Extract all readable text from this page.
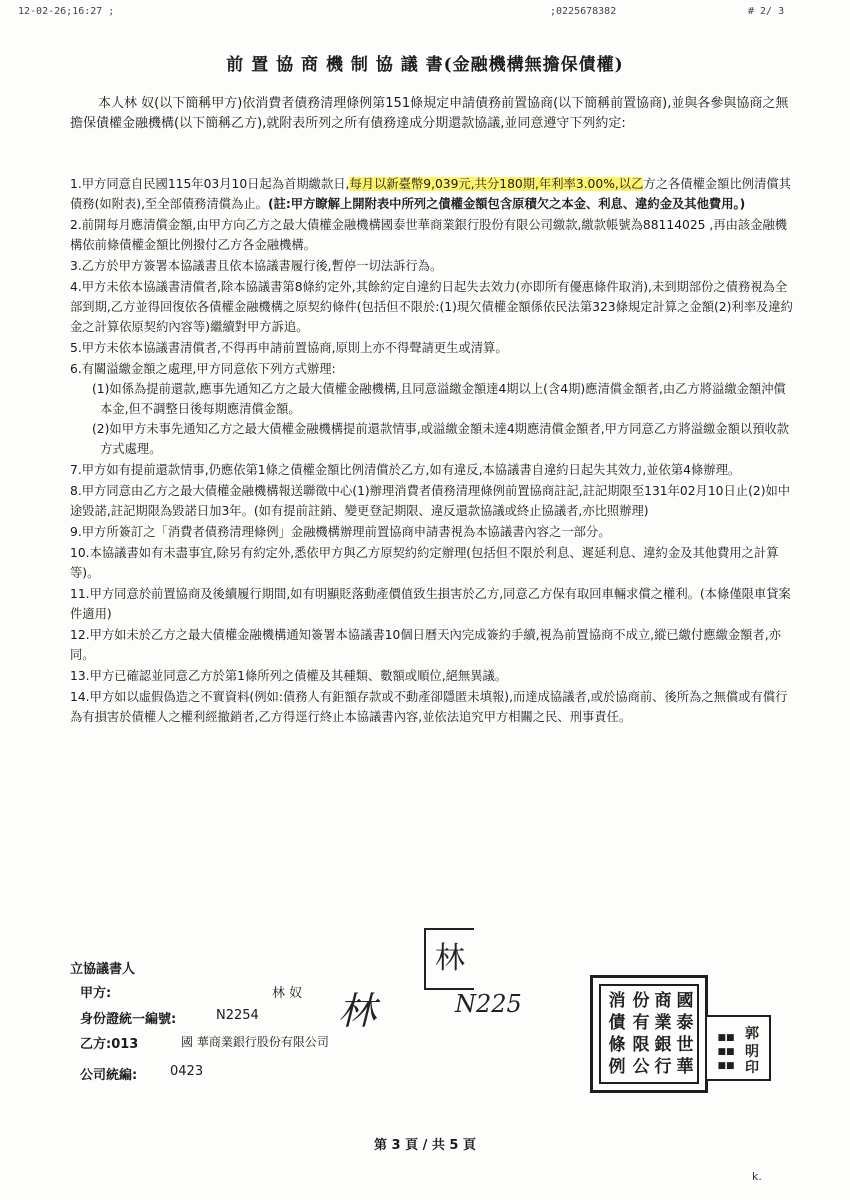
12-02-26;16:27 ;	;0225678382	# 2/ 3
前 置 協 商 機 制 協 議 書(金融機構無擔保債權)
本人林 奴(以下簡稱甲方)依消費者債務清理條例第151條規定申請債務前置協商(以下簡稱前置協商),並與各參與協商之無擔保債權金融機構(以下簡稱乙方),就附表所列之所有債務達成分期還款協議,並同意遵守下列約定:
1.甲方同意自民國115年03月10日起為首期繳款日,每月以新臺幣9,039元,共分180期,年利率3.00%,以乙方之各債權金額比例清償其債務(如附表),至全部債務清償為止。(註:甲方瞭解上開附表中所列之債權金額包含原積欠之本金、利息、違約金及其他費用。)
2.前開每月應清償金額,由甲方向乙方之最大債權金融機構國泰世華商業銀行股份有限公司繳款,繳款帳號為88114025 ,再由該金融機構依前條債權金額比例撥付乙方各金融機構。
3.乙方於甲方簽署本協議書且依本協議書履行後,暫停一切法訴行為。
4.甲方未依本協議書清償者,除本協議書第8條約定外,其餘約定自違約日起失去效力(亦即所有優惠條件取消),未到期部份之債務視為全部到期,乙方並得回復依各債權金融機構之原契約條件(包括但不限於:(1)現欠債權金額係依民法第323條規定計算之金額(2)利率及違約金之計算依原契約內容等)繼續對甲方訴追。
5.甲方未依本協議書清償者,不得再申請前置協商,原則上亦不得聲請更生或清算。
6.有關溢繳金額之處理,甲方同意依下列方式辦理:
(1)如係為提前還款,應事先通知乙方之最大債權金融機構,且同意溢繳金額達4期以上(含4期)應清償金額者,由乙方將溢繳金額沖償本金,但不調整日後每期應清償金額。
(2)如甲方未事先通知乙方之最大債權金融機構提前還款情事,或溢繳金額未達4期應清償金額者,甲方同意乙方將溢繳金額以預收款方式處理。
7.甲方如有提前還款情事,仍應依第1條之債權金額比例清償於乙方,如有違反,本協議書自違約日起失其效力,並依第4條辦理。
8.甲方同意由乙方之最大債權金融機構報送聯徵中心(1)辦理消費者債務清理條例前置協商註記,註記期限至131年02月10日止(2)如中途毀諾,註記期限為毀諾日加3年。(如有提前註銷、變更登記期限、違反還款協議或終止協議者,亦比照辦理)
9.甲方所簽訂之「消費者債務清理條例」金融機構辦理前置協商申請書視為本協議書內容之一部分。
10.本協議書如有未盡事宜,除另有約定外,悉依甲方與乙方原契約約定辦理(包括但不限於利息、遲延利息、違約金及其他費用之計算等)。
11.甲方同意於前置協商及後續履行期間,如有明顯貶落動產價值致生損害於乙方,同意乙方保有取回車輛求償之權利。(本條僅限車貸案件適用)
12.甲方如未於乙方之最大債權金融機構通知簽署本協議書10個日曆天內完成簽約手續,視為前置協商不成立,縱已繳付應繳金額者,亦同。
13.甲方已確認並同意乙方於第1條所列之債權及其種類、數額或順位,絕無異議。
14.甲方如以虛假偽造之不實資料(例如:債務人有鉅額存款或不動產卻隱匿未填報),而達成協議者,或於協商前、後所為之無償或有償行為有損害於債權人之權利經撤銷者,乙方得逕行終止本協議書內容,並依法追究甲方相關之民、刑事責任。
林
立協議書人
甲方:	林 奴
身份證統一編號:	N2254
乙方:013	國 華商業銀行股份有限公司
公司統編:	0423
林	N225	國
泰
世
華
商
業
銀
行
份
有
限
公
消
債
條
例
郭
明
印
■■
■■
■■
第 3 頁 / 共 5 頁
k.
